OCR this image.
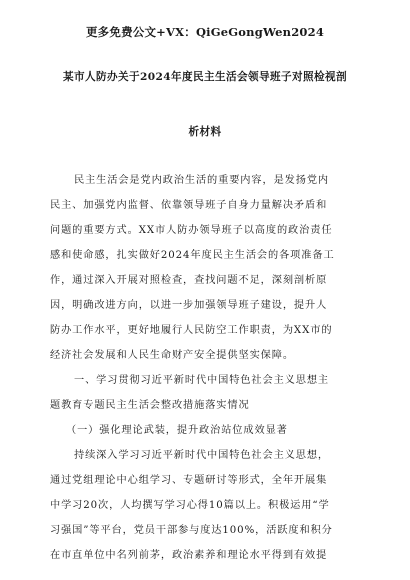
更多免费公文+VX：QiGeGongWen2024
某市人防办关于2024年度民主生活会领导班子对照检视剖
析材料
民主生活会是党内政治生活的重要内容，是发扬党内
民主、加强党内监督、依靠领导班子自身力量解决矛盾和
问题的重要方式。XX市人防办领导班子以高度的政治责任
感和使命感，扎实做好2024年度民主生活会的各项准备工
作，通过深入开展对照检查，查找问题不足，深刻剖析原
因，明确改进方向，以进一步加强领导班子建设，提升人
防办工作水平，更好地履行人民防空工作职责，为XX市的
经济社会发展和人民生命财产安全提供坚实保障。
一、学习贯彻习近平新时代中国特色社会主义思想主
题教育专题民主生活会整改措施落实情况
（一）强化理论武装，提升政治站位成效显著
持续深入学习习近平新时代中国特色社会主义思想，
通过党组理论中心组学习、专题研讨等形式，全年开展集
中学习20次，人均撰写学习心得10篇以上。积极运用“学
习强国”等平台，党员干部参与度达100%，活跃度和积分
在市直单位中名列前茅，政治素养和理论水平得到有效提
